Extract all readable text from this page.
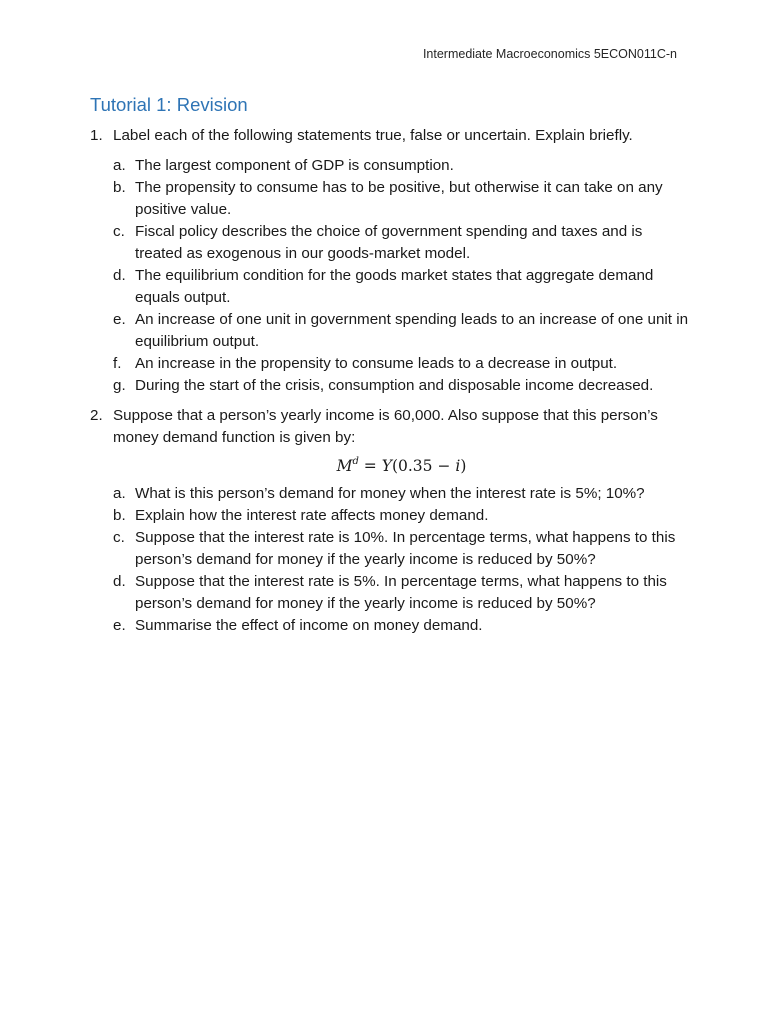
Intermediate Macroeconomics 5ECON011C-n
Tutorial 1: Revision
1. Label each of the following statements true, false or uncertain. Explain briefly.
a. The largest component of GDP is consumption.
b. The propensity to consume has to be positive, but otherwise it can take on any positive value.
c. Fiscal policy describes the choice of government spending and taxes and is treated as exogenous in our goods-market model.
d. The equilibrium condition for the goods market states that aggregate demand equals output.
e. An increase of one unit in government spending leads to an increase of one unit in equilibrium output.
f. An increase in the propensity to consume leads to a decrease in output.
g. During the start of the crisis, consumption and disposable income decreased.
2. Suppose that a person’s yearly income is 60,000. Also suppose that this person’s money demand function is given by:
$M^d = Y(0.35 - i)$
a. What is this person’s demand for money when the interest rate is 5%; 10%?
b. Explain how the interest rate affects money demand.
c. Suppose that the interest rate is 10%. In percentage terms, what happens to this person’s demand for money if the yearly income is reduced by 50%?
d. Suppose that the interest rate is 5%. In percentage terms, what happens to this person’s demand for money if the yearly income is reduced by 50%?
e. Summarise the effect of income on money demand.
